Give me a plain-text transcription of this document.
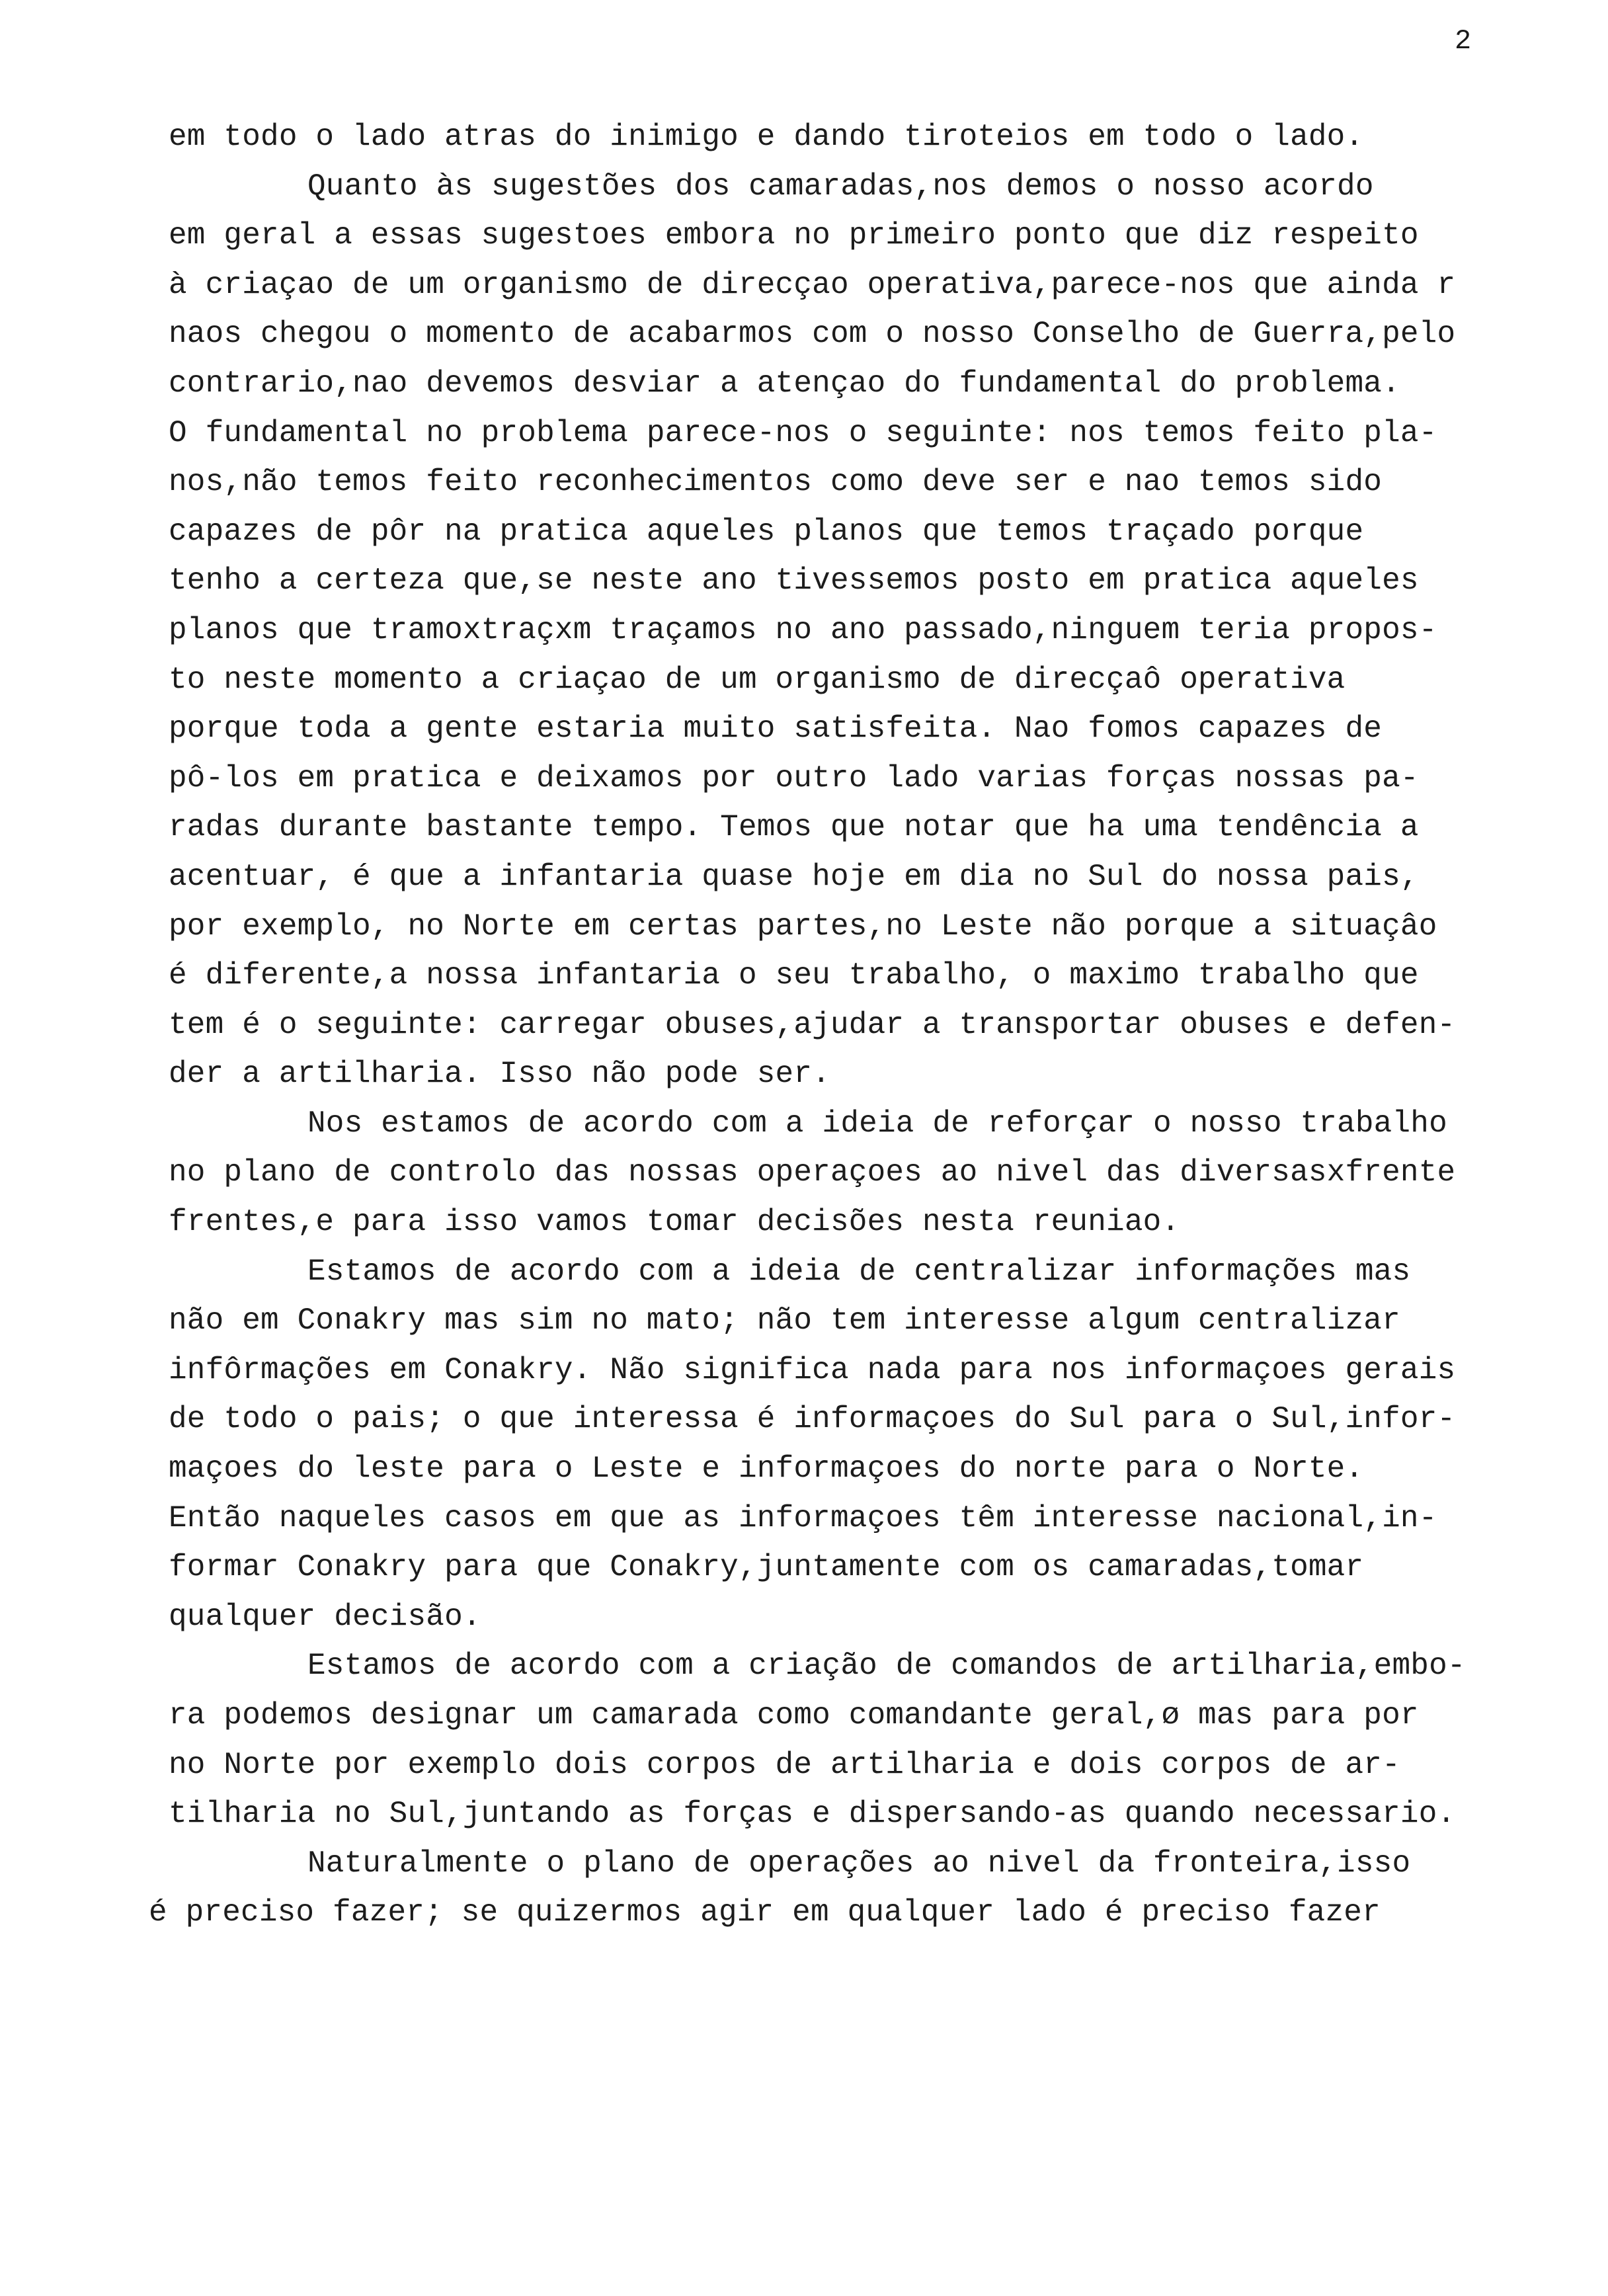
2
em todo o lado atras do inimigo e dando tiroteios em todo o lado.
Quanto às sugestões dos camaradas,nos demos o nosso acordo
em geral a essas sugestoes embora no primeiro ponto que diz respeito
à criaçao de um organismo de direcçao operativa,parece-nos que ainda r
naos chegou o momento de acabarmos com o nosso Conselho de Guerra,pelo
contrario,nao devemos desviar a atençao do fundamental do problema.
O fundamental no problema parece-nos o seguinte: nos temos feito pla-
nos,não temos feito reconhecimentos como deve ser e nao temos sido
capazes de pôr na pratica aqueles planos que temos traçado porque
tenho a certeza que,se neste ano tivessemos posto em pratica aqueles
planos que tramoxtraçxm traçamos no ano passado,ninguem teria propos-
to neste momento a criaçao de um organismo de direcçaô operativa
porque toda a gente estaria muito satisfeita. Nao fomos capazes de
pô-los em pratica e deixamos por outro lado varias forças nossas pa-
radas durante bastante tempo. Temos que notar que ha uma tendência a
acentuar, é que a infantaria quase hoje em dia no Sul do nossa pais,
por exemplo, no Norte em certas partes,no Leste não porque a situaçâo
é diferente,a nossa infantaria o seu trabalho, o maximo trabalho que
tem é o seguinte: carregar obuses,ajudar a transportar obuses e defen-
der a artilharia. Isso não pode ser.
Nos estamos de acordo com a ideia de reforçar o nosso trabalho
no plano de controlo das nossas operaçoes ao nivel das diversasxfrente
frentes,e para isso vamos tomar decisões nesta reuniao.
Estamos de acordo com a ideia de centralizar informações mas
não em Conakry mas sim no mato; não tem interesse algum centralizar
infôrmações em Conakry. Não significa nada para nos informaçoes gerais
de todo o pais; o que interessa é informaçoes do Sul para o Sul,infor-
maçoes do leste para o Leste e informaçoes do norte para o Norte.
Então naqueles casos em que as informaçoes têm interesse nacional,in-
formar Conakry para que Conakry,juntamente com os camaradas,tomar
qualquer decisão.
Estamos de acordo com a criação de comandos de artilharia,embo-
ra podemos designar um camarada como comandante geral,ø mas para por
no Norte por exemplo dois corpos de artilharia e dois corpos de ar-
tilharia no Sul,juntando as forças e dispersando-as quando necessario.
Naturalmente o plano de operações ao nivel da fronteira,isso
é preciso fazer; se quizermos agir em qualquer lado é preciso fazer
